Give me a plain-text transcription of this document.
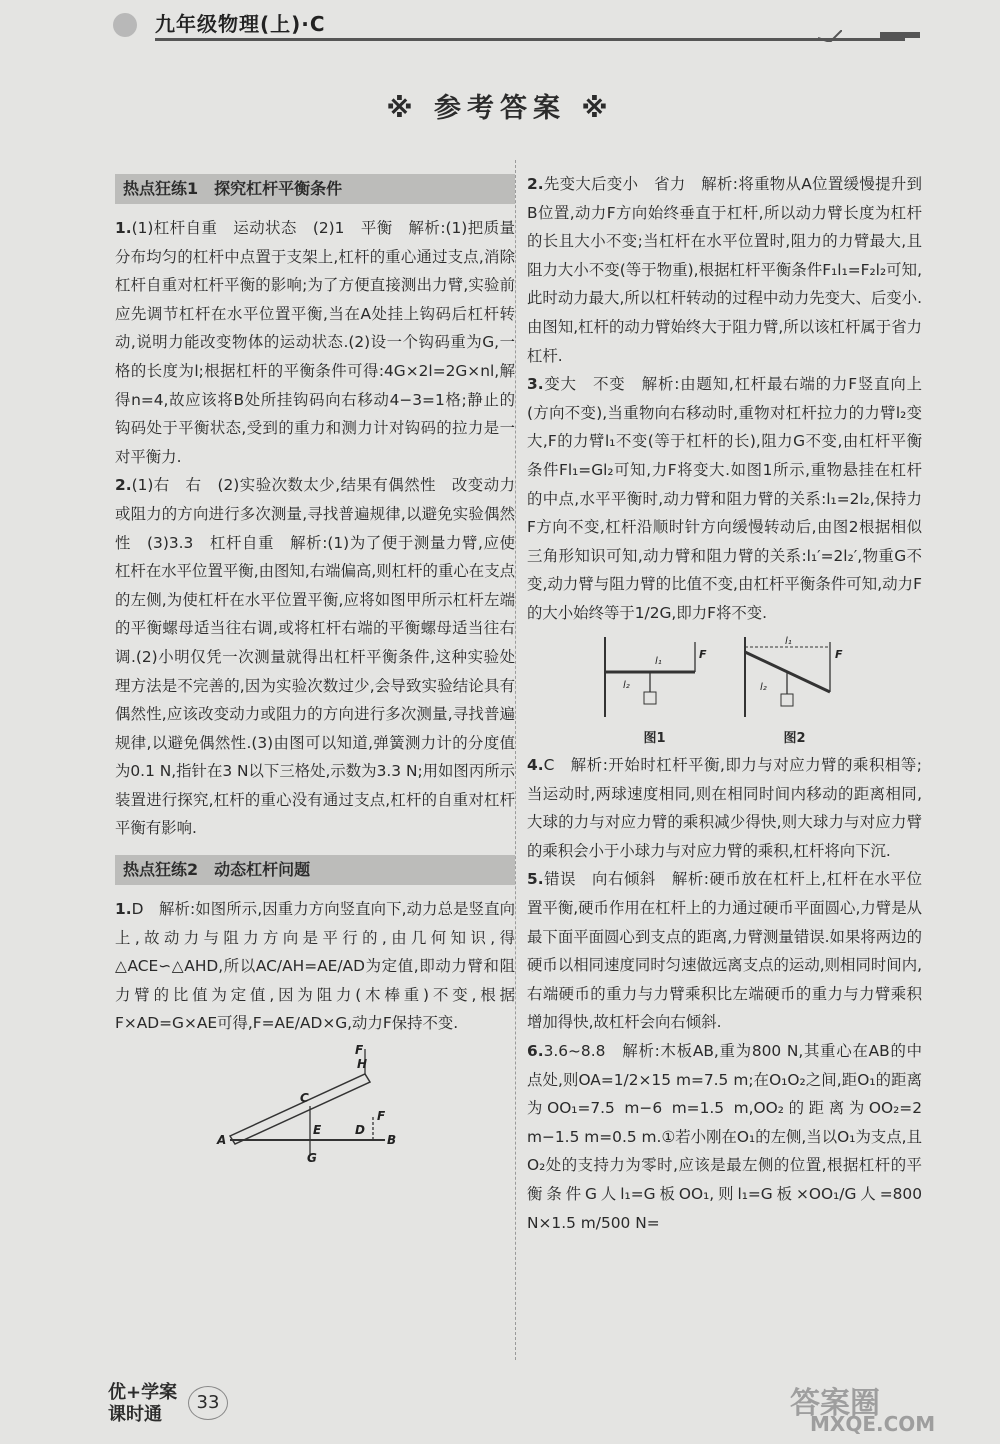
九年级物理(上)·C
※ 参考答案 ※
热点狂练1　探究杠杆平衡条件

1.(1)杠杆自重　运动状态　(2)1　平衡　解析:(1)把质量分布均匀的杠杆中点置于支架上,杠杆的重心通过支点,消除杠杆自重对杠杆平衡的影响;为了方便直接测出力臂,实验前应先调节杠杆在水平位置平衡,当在A处挂上钩码后杠杆转动,说明力能改变物体的运动状态.(2)设一个钩码重为G,一格的长度为l;根据杠杆的平衡条件可得:4G×2l=2G×nl,解得n=4,故应该将B处所挂钩码向右移动4−3=1格;静止的钩码处于平衡状态,受到的重力和测力计对钩码的拉力是一对平衡力.

2.(1)右　右　(2)实验次数太少,结果有偶然性　改变动力或阻力的方向进行多次测量,寻找普遍规律,以避免实验偶然性　(3)3.3　杠杆自重　解析:(1)为了便于测量力臂,应使杠杆在水平位置平衡,由图知,右端偏高,则杠杆的重心在支点的左侧,为使杠杆在水平位置平衡,应将如图甲所示杠杆左端的平衡螺母适当往右调,或将杠杆右端的平衡螺母适当往右调.(2)小明仅凭一次测量就得出杠杆平衡条件,这种实验处理方法是不完善的,因为实验次数过少,会导致实验结论具有偶然性,应该改变动力或阻力的方向进行多次测量,寻找普遍规律,以避免偶然性.(3)由图可以知道,弹簧测力计的分度值为0.1 N,指针在3 N以下三格处,示数为3.3 N;用如图丙所示装置进行探究,杠杆的重心没有通过支点,杠杆的自重对杠杆平衡有影响.

热点狂练2　动态杠杆问题

1.D　解析:如图所示,因重力方向竖直向下,动力总是竖直向上,故动力与阻力方向是平行的,由几何知识,得△ACE∽△AHD,所以AC/AH=AE/AD为定值,即动力臂和阻力臂的比值为定值,因为阻力(木棒重)不变,根据F×AD=G×AE可得,F=AE/AD×G,动力F保持不变.

A	B
C
E	D
H
F
F
G

2.先变大后变小　省力　解析:将重物从A位置缓慢提升到B位置,动力F方向始终垂直于杠杆,所以动力臂长度为杠杆的长且大小不变;当杠杆在水平位置时,阻力的力臂最大,且阻力大小不变(等于物重),根据杠杆平衡条件F₁l₁=F₂l₂可知,此时动力最大,所以杠杆转动的过程中动力先变大、后变小.由图知,杠杆的动力臂始终大于阻力臂,所以该杠杆属于省力杠杆.

3.变大　不变　解析:由题知,杠杆最右端的力F竖直向上(方向不变),当重物向右移动时,重物对杠杆拉力的力臂l₂变大,F的力臂l₁不变(等于杠杆的长),阻力G不变,由杠杆平衡条件Fl₁=Gl₂可知,力F将变大.如图1所示,重物悬挂在杠杆的中点,水平平衡时,动力臂和阻力臂的关系:l₁=2l₂,保持力F方向不变,杠杆沿顺时针方向缓慢转动后,由图2根据相似三角形知识可知,动力臂和阻力臂的关系:l₁′=2l₂′,物重G不变,动力臂与阻力臂的比值不变,由杠杆平衡条件可知,动力F的大小始终等于1/2G,即力F将不变.

F
l₁
l₂
图1
F
l₁
l₂
图2

4.C　解析:开始时杠杆平衡,即力与对应力臂的乘积相等;当运动时,两球速度相同,则在相同时间内移动的距离相同,大球的力与对应力臂的乘积减少得快,则大球力与对应力臂的乘积会小于小球力与对应力臂的乘积,杠杆将向下沉.

5.错误　向右倾斜　解析:硬币放在杠杆上,杠杆在水平位置平衡,硬币作用在杠杆上的力通过硬币平面圆心,力臂是从最下面平面圆心到支点的距离,力臂测量错误.如果将两边的硬币以相同速度同时匀速做远离支点的运动,则相同时间内,右端硬币的重力与力臂乘积比左端硬币的重力与力臂乘积增加得快,故杠杆会向右倾斜.

6.3.6~8.8　解析:木板AB,重为800 N,其重心在AB的中点处,则OA=1/2×15 m=7.5 m;在O₁O₂之间,距O₁的距离为OO₁=7.5 m−6 m=1.5 m,OO₂的距离为OO₂=2 m−1.5 m=0.5 m.①若小刚在O₁的左侧,当以O₁为支点,且O₂处的支持力为零时,应该是最左侧的位置,根据杠杆的平衡条件G人l₁=G板OO₁,则l₁=G板×OO₁/G人=800 N×1.5 m/500 N=

优+学案
课时通
33	答案圈
MXQE.COM
